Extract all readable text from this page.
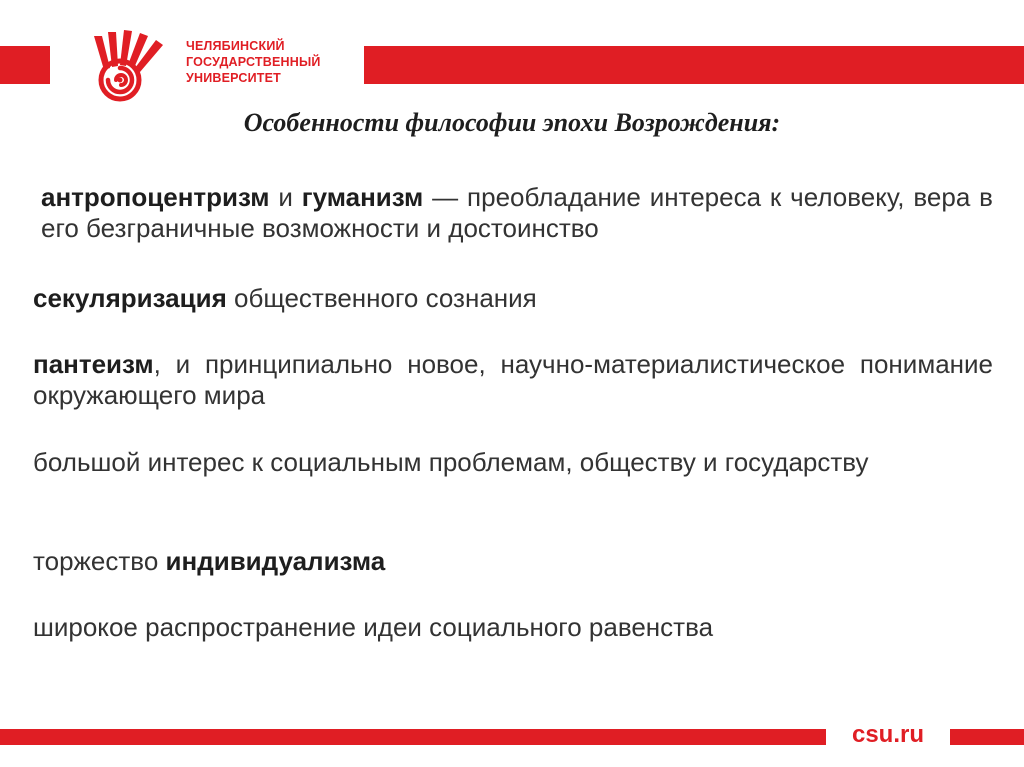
ЧЕЛЯБИНСКИЙ
ГОСУДАРСТВЕННЫЙ
УНИВЕРСИТЕТ
Особенности философии эпохи Возрождения:

антропоцентризм и гуманизм — преобладание интереса к человеку, вера в его безграничные возможности и достоинство

секуляризация общественного сознания

пантеизм, и принципиально новое, научно-материалистическое понимание окружающего мира

большой интерес к социальным проблемам, обществу и государству

торжество индивидуализма

широкое распространение идеи социального равенства

csu.ru
